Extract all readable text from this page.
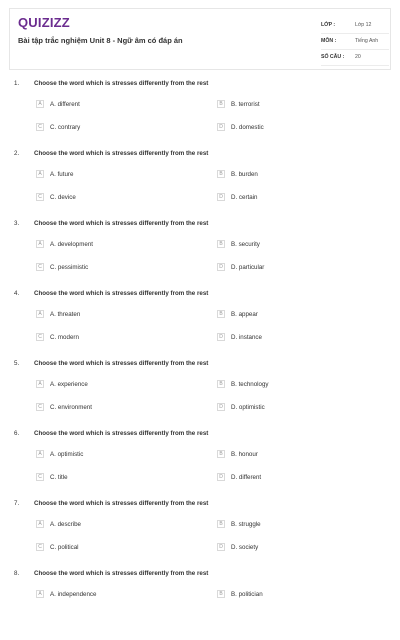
QUIZIZZ
Bài tập trắc nghiệm Unit 8 - Ngữ âm có đáp án
LỚP :	Lớp 12
MÔN :	Tiếng Anh
SỐ CÂU : 20
1. Choose the word which is stresses differently from the rest
A	A. different	B	B. terrorist
C	C. contrary	D	D. domestic
2. Choose the word which is stresses differently from the rest
A	A. future	B	B. burden
C	C. device	D	D. certain
3. Choose the word which is stresses differently from the rest
A	A. development	B	B. security
C	C. pessimistic	D	D. particular
4. Choose the word which is stresses differently from the rest
A	A. threaten	B	B. appear
C	C. modern	D	D. instance
5. Choose the word which is stresses differently from the rest
A	A. experience	B	B. technology
C	C. environment	D	D. optimistic
6. Choose the word which is stresses differently from the rest
A	A. optimistic	B	B. honour
C	C. title	D	D. different
7. Choose the word which is stresses differently from the rest
A	A. describe	B	B. struggle
C	C. political	D	D. society
8. Choose the word which is stresses differently from the rest
A	A. independence	B	B. politician
